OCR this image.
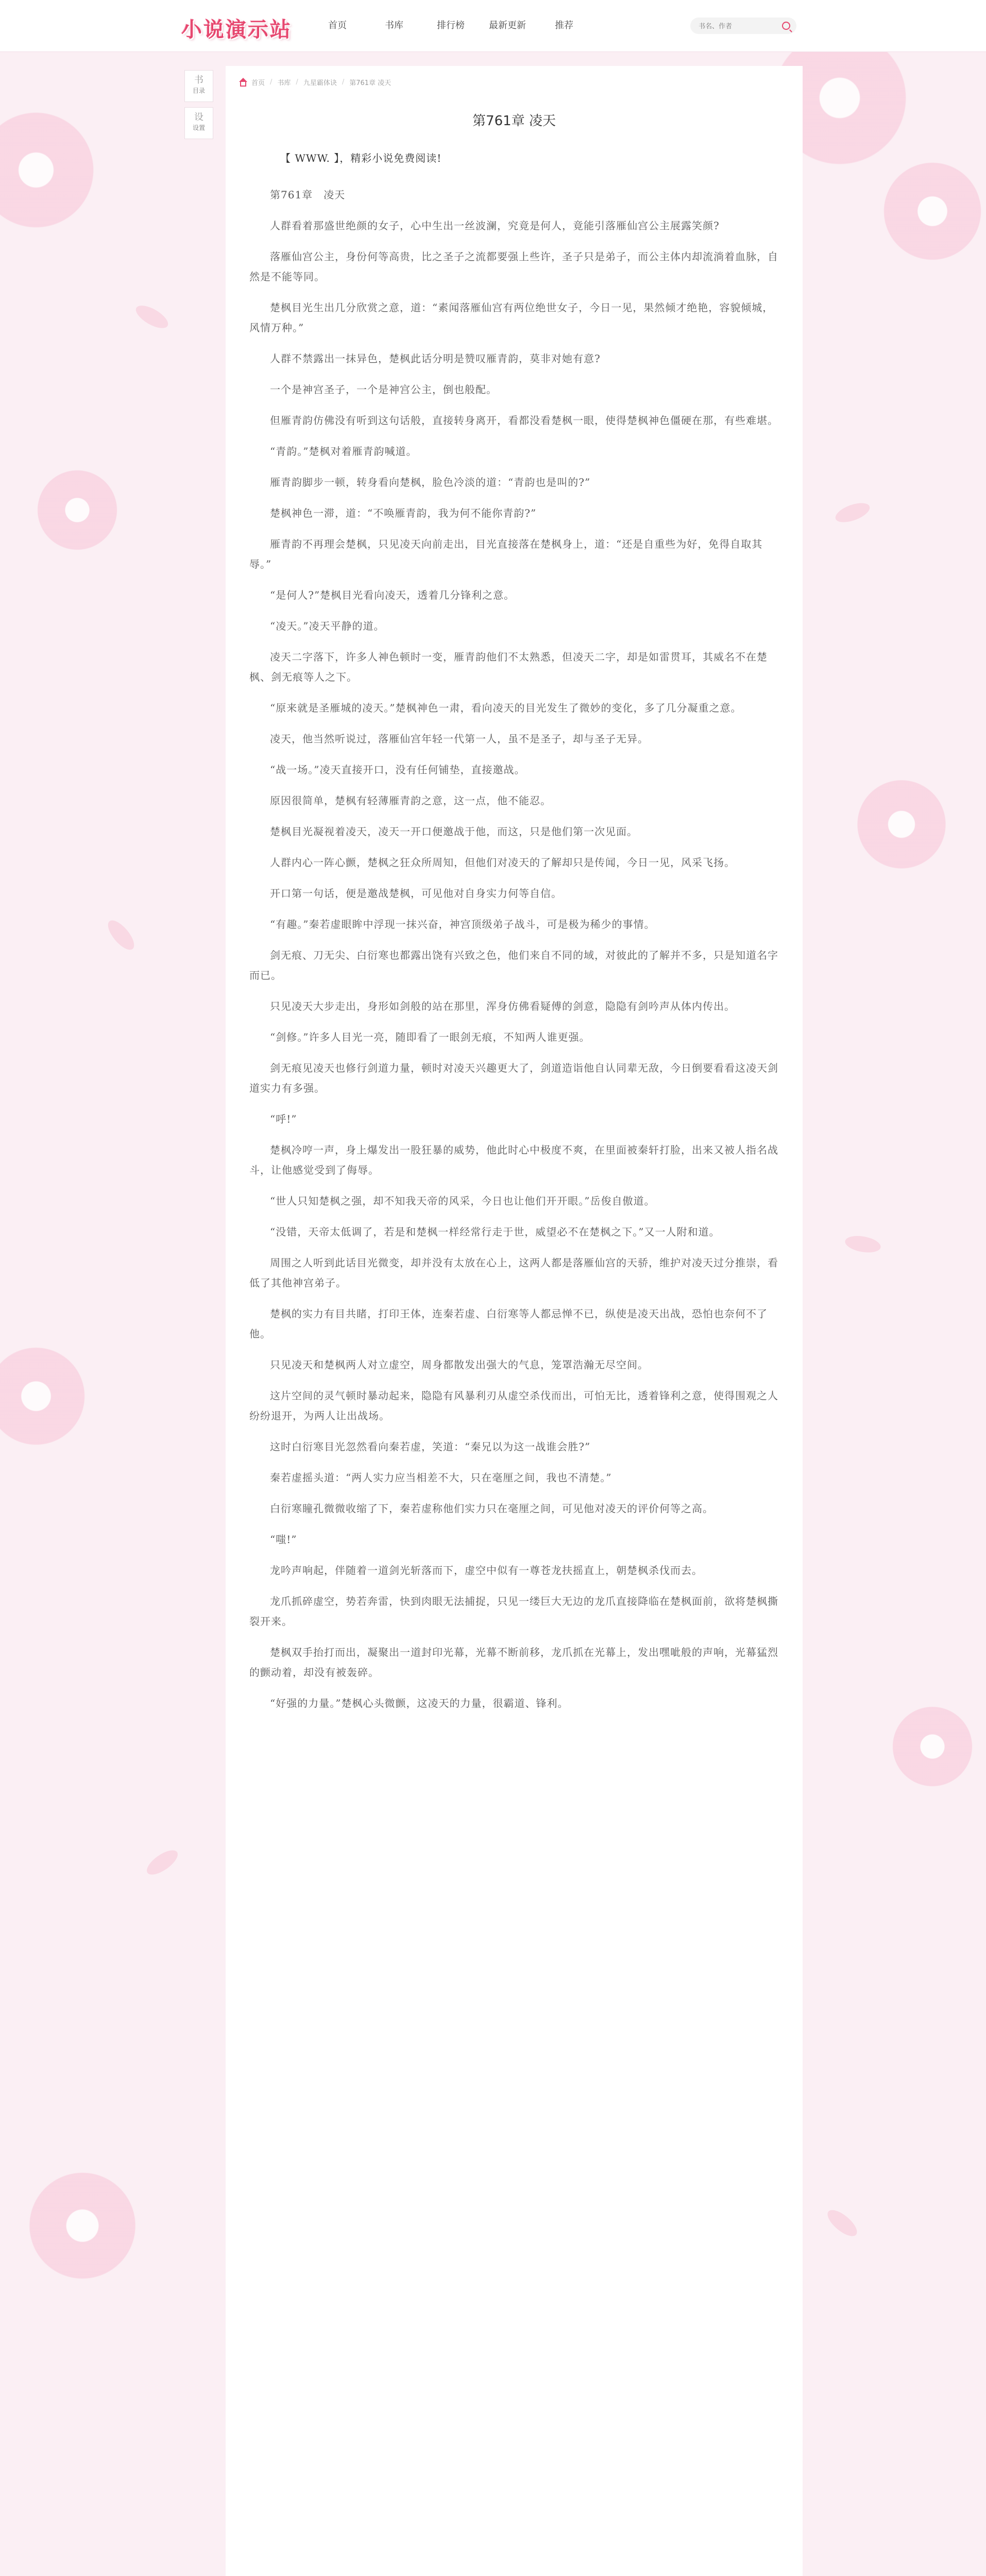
小说演示站	首页	书库	排行榜	最新更新	推荐
书名、作者
书
目录
设
设置
首页 / 书库 / 九星霸体诀 / 第761章 凌天
第761章 凌天

【 WWW. 】，精彩小说免费阅读!

第761章　凌天

人群看着那盛世绝颜的女子，心中生出一丝波澜，究竟是何人，竟能引落雁仙宫公主展露笑颜?

落雁仙宫公主，身份何等高贵，比之圣子之流都要强上些许，圣子只是弟子，而公主体内却流淌着血脉，自然是不能等同。

楚枫目光生出几分欣赏之意，道：“素闻落雁仙宫有两位绝世女子，今日一见，果然倾才绝艳，容貌倾城，风情万种。”

人群不禁露出一抹异色，楚枫此话分明是赞叹雁青韵，莫非对她有意?

一个是神宫圣子，一个是神宫公主，倒也般配。

但雁青韵仿佛没有听到这句话般，直接转身离开，看都没看楚枫一眼，使得楚枫神色僵硬在那，有些难堪。

“青韵。”楚枫对着雁青韵喊道。

雁青韵脚步一顿，转身看向楚枫，脸色冷淡的道：“青韵也是叫的?”

楚枫神色一滞，道：“不唤雁青韵，我为何不能你青韵?”

雁青韵不再理会楚枫，只见凌天向前走出，目光直接落在楚枫身上，道：“还是自重些为好，免得自取其辱。”

“是何人?”楚枫目光看向凌天，透着几分锋利之意。

“凌天。”凌天平静的道。

凌天二字落下，许多人神色顿时一变，雁青韵他们不太熟悉，但凌天二字，却是如雷贯耳，其威名不在楚枫、剑无痕等人之下。

“原来就是圣雁城的凌天。”楚枫神色一肃，看向凌天的目光发生了微妙的变化，多了几分凝重之意。

凌天，他当然听说过，落雁仙宫年轻一代第一人，虽不是圣子，却与圣子无异。

“战一场。”凌天直接开口，没有任何铺垫，直接邀战。

原因很简单，楚枫有轻薄雁青韵之意，这一点，他不能忍。

楚枫目光凝视着凌天，凌天一开口便邀战于他，而这，只是他们第一次见面。

人群内心一阵心颤，楚枫之狂众所周知，但他们对凌天的了解却只是传闻，今日一见，风采飞扬。

开口第一句话，便是邀战楚枫，可见他对自身实力何等自信。

“有趣。”秦若虚眼眸中浮现一抹兴奋，神宫顶级弟子战斗，可是极为稀少的事情。

剑无痕、刀无尖、白衍寒也都露出饶有兴致之色，他们来自不同的域，对彼此的了解并不多，只是知道名字而已。

只见凌天大步走出，身形如剑般的站在那里，浑身仿佛看疑傅的剑意，隐隐有剑吟声从体内传出。

“剑修。”许多人目光一亮，随即看了一眼剑无痕，不知两人谁更强。

剑无痕见凌天也修行剑道力量，顿时对凌天兴趣更大了，剑道造诣他自认同辈无敌，今日倒要看看这凌天剑道实力有多强。

“呼!”

楚枫冷哼一声，身上爆发出一股狂暴的威势，他此时心中极度不爽，在里面被秦轩打脸，出来又被人指名战斗，让他感觉受到了侮辱。

“世人只知楚枫之强，却不知我天帝的风采，今日也让他们开开眼。”岳俊自傲道。

“没错，天帝太低调了，若是和楚枫一样经常行走于世，威望必不在楚枫之下。”又一人附和道。

周围之人听到此话目光微变，却并没有太放在心上，这两人都是落雁仙宫的天骄，维护对凌天过分推崇，看低了其他神宫弟子。

楚枫的实力有目共睹，打印王体，连秦若虚、白衍寒等人都忌惮不已，纵使是凌天出战，恐怕也奈何不了他。

只见凌天和楚枫两人对立虚空，周身都散发出强大的气息，笼罩浩瀚无尽空间。

这片空间的灵气顿时暴动起来，隐隐有风暴利刃从虚空杀伐而出，可怕无比，透着锋利之意，使得围观之人纷纷退开，为两人让出战场。

这时白衍寒目光忽然看向秦若虚，笑道：“秦兄以为这一战谁会胜?”

秦若虚摇头道：“两人实力应当相差不大，只在毫厘之间，我也不清楚。”

白衍寒瞳孔微微收缩了下，秦若虚称他们实力只在毫厘之间，可见他对凌天的评价何等之高。

“嗤!”

龙吟声响起，伴随着一道剑光斩落而下，虚空中似有一尊苍龙扶摇直上，朝楚枫杀伐而去。

龙爪抓碎虚空，势若奔雷，快到肉眼无法捕捉，只见一缕巨大无边的龙爪直接降临在楚枫面前，欲将楚枫撕裂开来。

楚枫双手抬打而出，凝聚出一道封印光幕，光幕不断前移，龙爪抓在光幕上，发出嘿呲般的声响，光幕猛烈的颤动着，却没有被轰碎。

“好强的力量。”楚枫心头微颤，这凌天的力量，很霸道、锋利。
